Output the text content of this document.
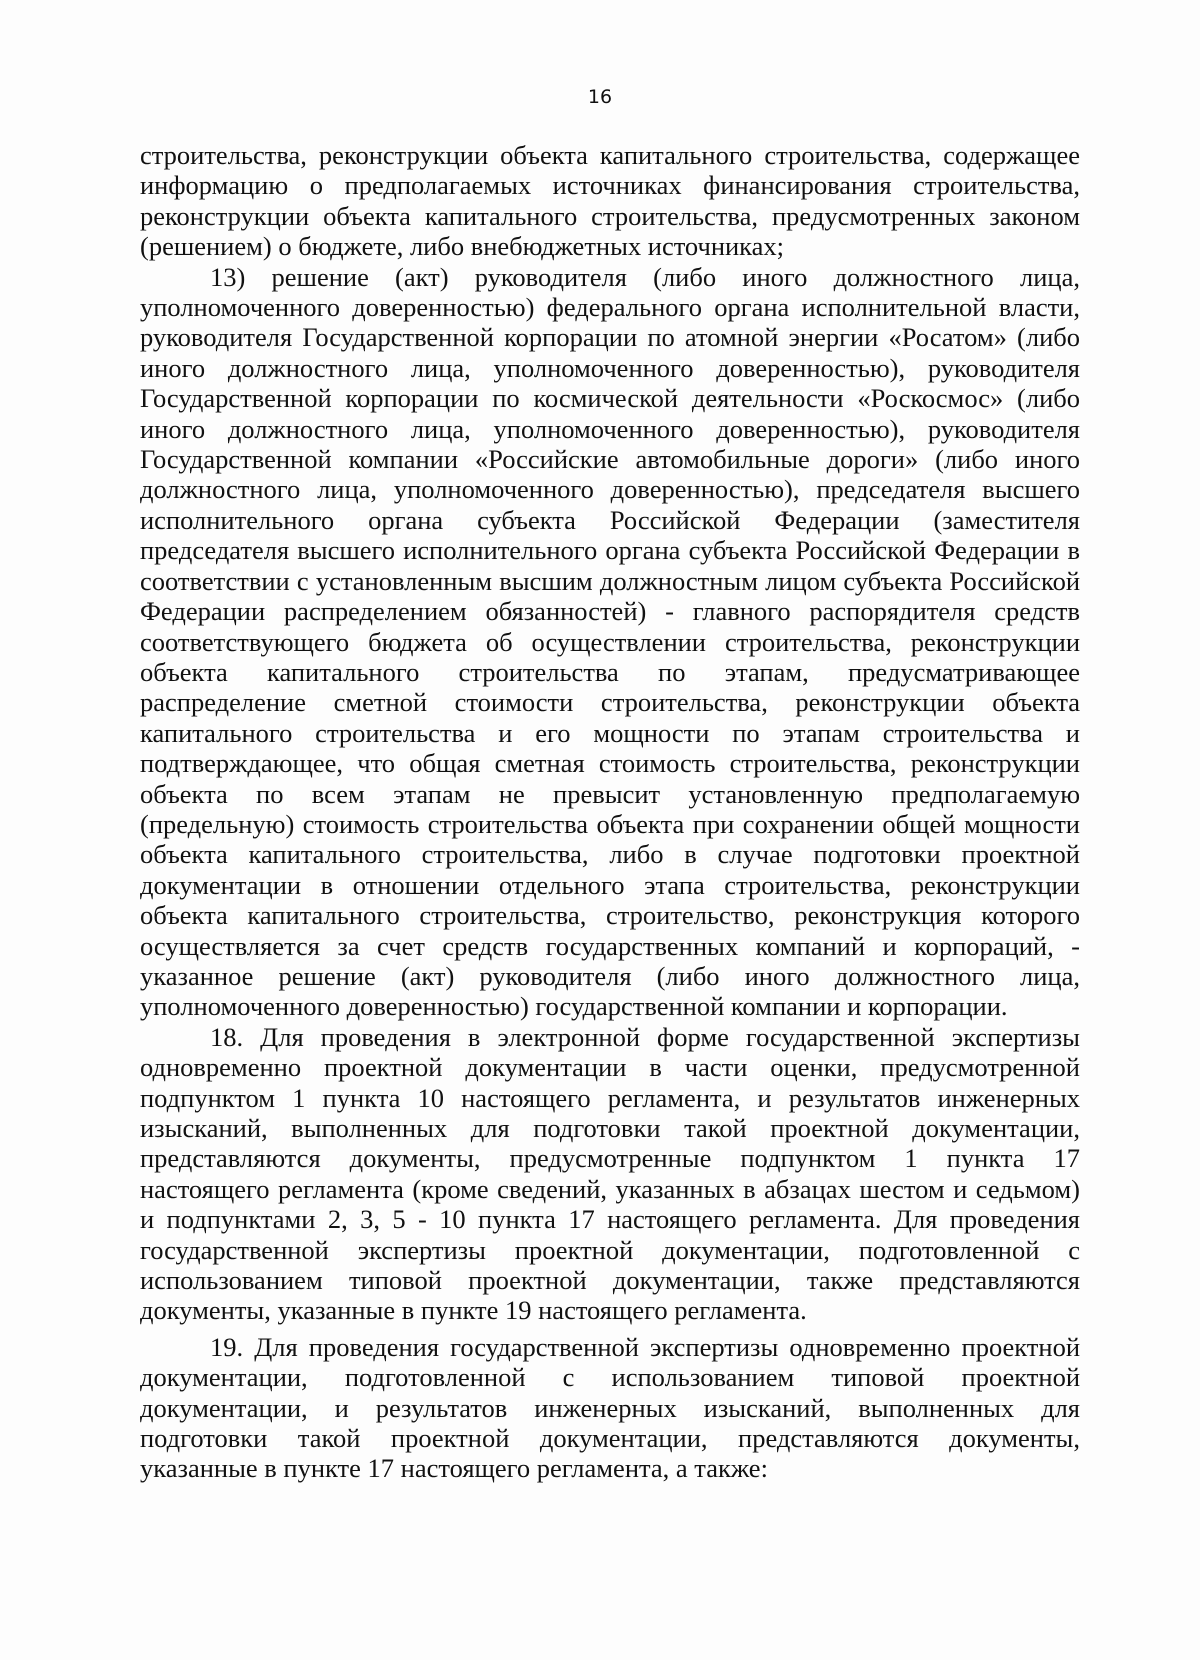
16

строительства, реконструкции объекта капитального строительства, содержащее информацию о предполагаемых источниках финансирования строительства, реконструкции объекта капитального строительства, предусмотренных законом (решением) о бюджете, либо внебюджетных источниках;

13) решение (акт) руководителя (либо иного должностного лица, уполномоченного доверенностью) федерального органа исполнительной власти, руководителя Государственной корпорации по атомной энергии «Росатом» (либо иного должностного лица, уполномоченного доверенностью), руководителя Государственной корпорации по космической деятельности «Роскосмос» (либо иного должностного лица, уполномоченного доверенностью), руководителя Государственной компании «Российские автомобильные дороги» (либо иного должностного лица, уполномоченного доверенностью), председателя высшего исполнительного органа субъекта Российской Федерации (заместителя председателя высшего исполнительного органа субъекта Российской Федерации в соответствии с установленным высшим должностным лицом субъекта Российской Федерации распределением обязанностей) - главного распорядителя средств соответствующего бюджета об осуществлении строительства, реконструкции объекта капитального строительства по этапам, предусматривающее распределение сметной стоимости строительства, реконструкции объекта капитального строительства и его мощности по этапам строительства и подтверждающее, что общая сметная стоимость строительства, реконструкции объекта по всем этапам не превысит установленную предполагаемую (предельную) стоимость строительства объекта при сохранении общей мощности объекта капитального строительства, либо в случае подготовки проектной документации в отношении отдельного этапа строительства, реконструкции объекта капитального строительства, строительство, реконструкция которого осуществляется за счет средств государственных компаний и корпораций, - указанное решение (акт) руководителя (либо иного должностного лица, уполномоченного доверенностью) государственной компании и корпорации.

18. Для проведения в электронной форме государственной экспертизы одновременно проектной документации в части оценки, предусмотренной подпунктом 1 пункта 10 настоящего регламента, и результатов инженерных изысканий, выполненных для подготовки такой проектной документации, представляются документы, предусмотренные подпунктом 1 пункта 17 настоящего регламента (кроме сведений, указанных в абзацах шестом и седьмом) и подпунктами 2, 3, 5 - 10 пункта 17 настоящего регламента. Для проведения государственной экспертизы проектной документации, подготовленной с использованием типовой проектной документации, также представляются документы, указанные в пункте 19 настоящего регламента.

19. Для проведения государственной экспертизы одновременно проектной документации, подготовленной с использованием типовой проектной документации, и результатов инженерных изысканий, выполненных для подготовки такой проектной документации, представляются документы, указанные в пункте 17 настоящего регламента, а также:
